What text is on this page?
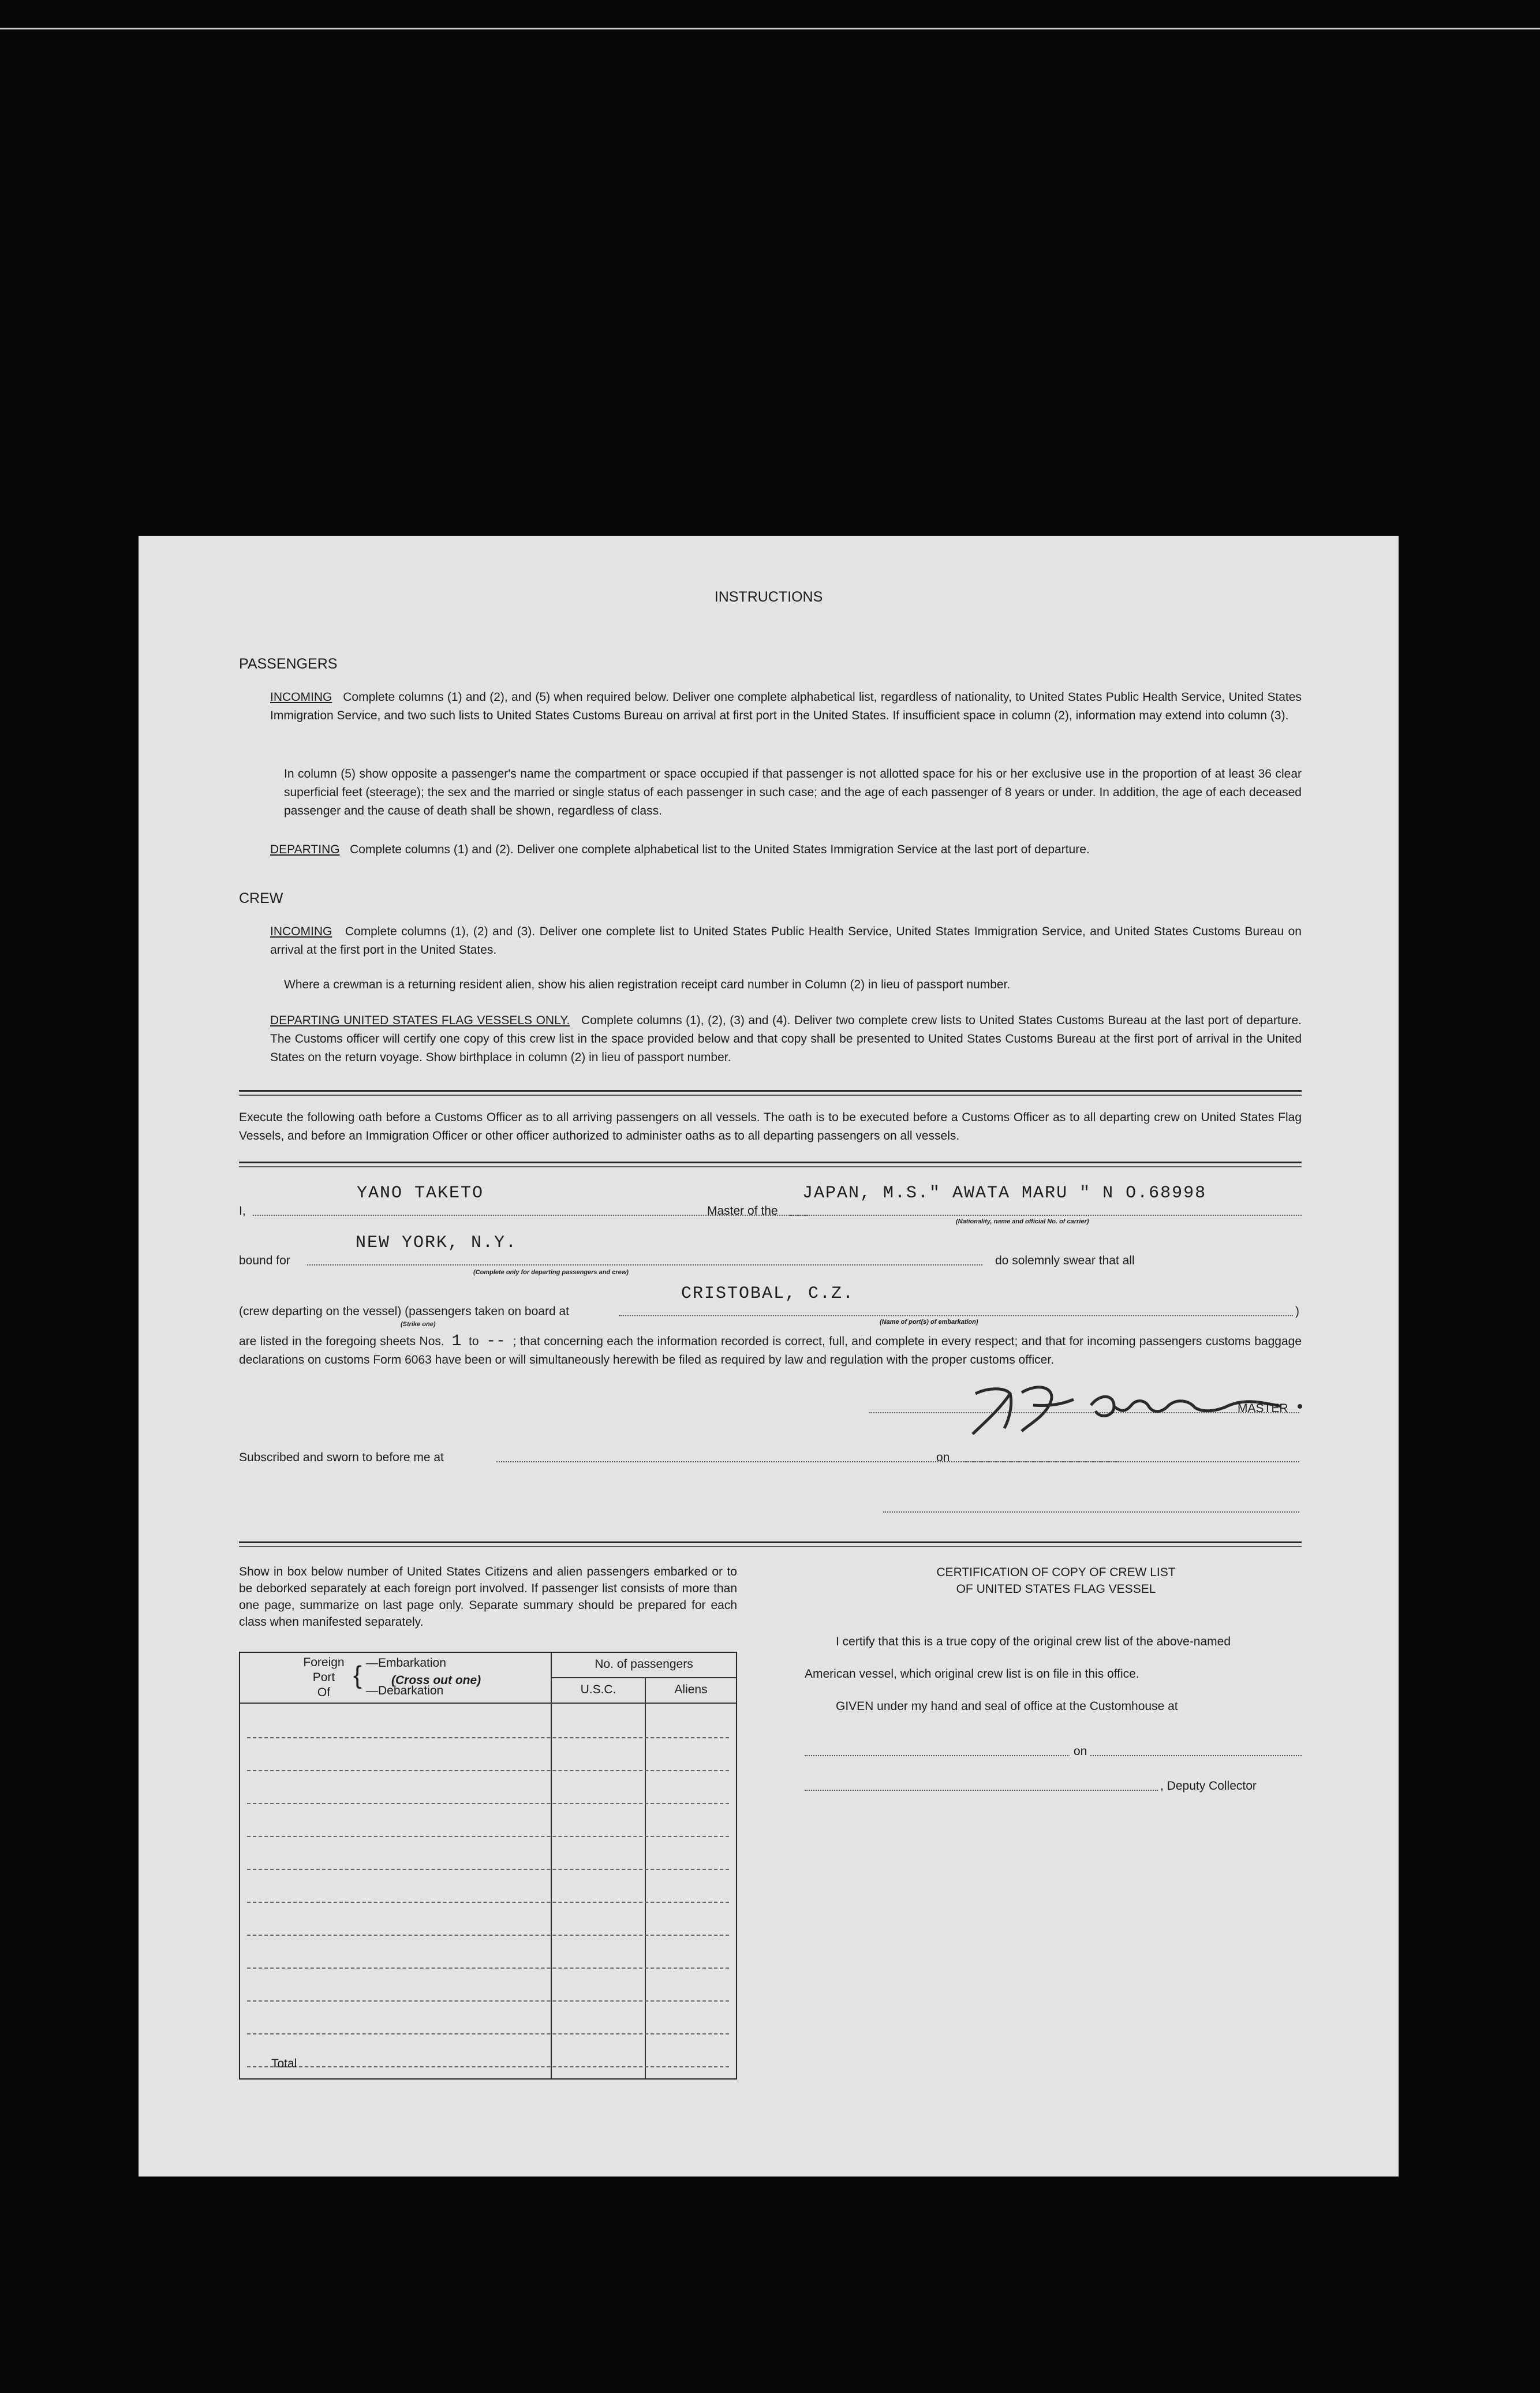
INSTRUCTIONS
PASSENGERS
INCOMING Complete columns (1) and (2), and (5) when required below. Deliver one complete alphabetical list, regardless of nationality, to United States Public Health Service, United States Immigration Service, and two such lists to United States Customs Bureau on arrival at first port in the United States. If insufficient space in column (2), information may extend into column (3).
In column (5) show opposite a passenger's name the compartment or space occupied if that passenger is not allotted space for his or her exclusive use in the proportion of at least 36 clear superficial feet (steerage); the sex and the married or single status of each passenger in such case; and the age of each passenger of 8 years or under. In addition, the age of each deceased passenger and the cause of death shall be shown, regardless of class.
DEPARTING Complete columns (1) and (2). Deliver one complete alphabetical list to the United States Immigration Service at the last port of departure.
CREW
INCOMING Complete columns (1), (2) and (3). Deliver one complete list to United States Public Health Service, United States Immigration Service, and United States Customs Bureau on arrival at the first port in the United States.
Where a crewman is a returning resident alien, show his alien registration receipt card number in Column (2) in lieu of passport number.
DEPARTING UNITED STATES FLAG VESSELS ONLY. Complete columns (1), (2), (3) and (4). Deliver two complete crew lists to United States Customs Bureau at the last port of departure. The Customs officer will certify one copy of this crew list in the space provided below and that copy shall be presented to United States Customs Bureau at the first port of arrival in the United States on the return voyage. Show birthplace in column (2) in lieu of passport number.
Execute the following oath before a Customs Officer as to all arriving passengers on all vessels. The oath is to be executed before a Customs Officer as to all departing crew on United States Flag Vessels, and before an Immigration Officer or other officer authorized to administer oaths as to all departing passengers on all vessels.
I,
YANO TAKETO
Master of the
JAPAN, M.S." AWATA MARU " N O.68998
(Nationality, name and official No. of carrier)
bound for
NEW YORK, N.Y.
(Complete only for departing passengers and crew)
do solemnly swear that all
(crew departing on the vessel) (passengers taken on board at
(Strike one)
CRISTOBAL, C.Z.
(Name of port(s) of embarkation)
)
are listed in the foregoing sheets Nos. 1 to -- ; that concerning each the information recorded is correct, full, and complete in every respect; and that for incoming passengers customs baggage declarations on customs Form 6063 have been or will simultaneously herewith be filed as required by law and regulation with the proper customs officer.
MASTER
Subscribed and sworn to before me at	on
Show in box below number of United States Citizens and alien passengers embarked or to be deborked separately at each foreign port involved. If passenger list consists of more than one page, summarize on last page only. Separate summary should be prepared for each class when manifested separately.
Foreign
Port
Of
{ —Embarkation
(Cross out one)
—Debarkation
No. of passengers
U.S.C.	Aliens
Total
CERTIFICATION OF COPY OF CREW LIST
OF UNITED STATES FLAG VESSEL
I certify that this is a true copy of the original crew list of the above-named
American vessel, which original crew list is on file in this office.
GIVEN under my hand and seal of office at the Customhouse at
on
, Deputy Collector
